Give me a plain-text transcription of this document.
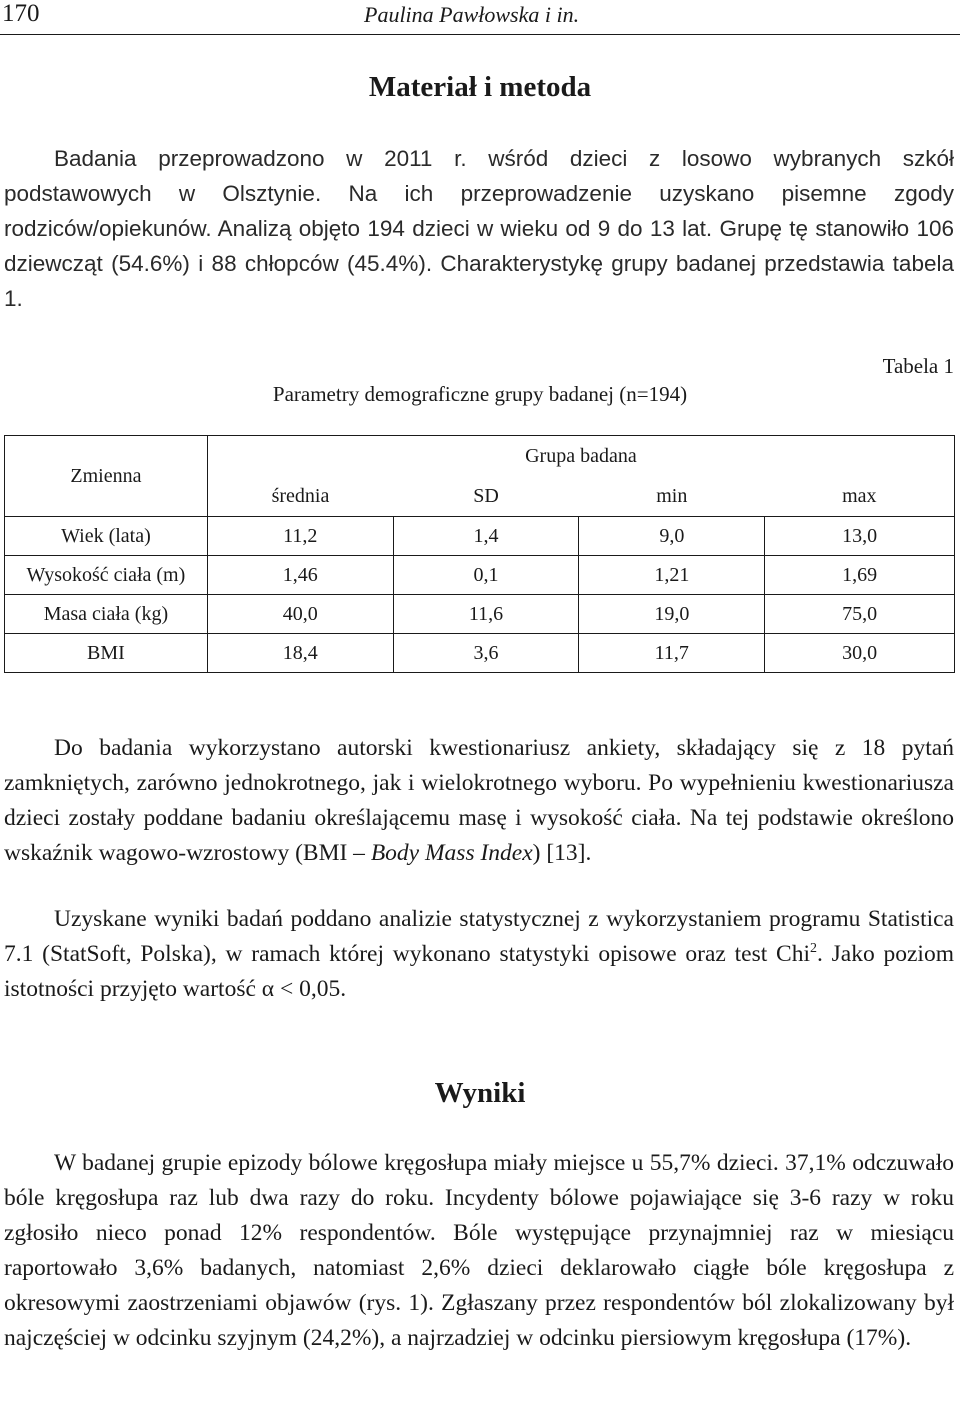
170	Paulina Pawłowska i in.
Materiał i metoda

Badania przeprowadzono w 2011 r. wśród dzieci z losowo wybranych szkół podstawowych w Olsztynie. Na ich przeprowadzenie uzyskano pisemne zgody rodziców/opiekunów. Analizą objęto 194 dzieci w wieku od 9 do 13 lat. Grupę tę stanowiło 106 dziewcząt (54.6%) i 88 chłopców (45.4%). Charakterystykę grupy badanej przedstawia tabela 1.

Tabela 1
Parametry demograficzne grupy badanej (n=194)
Zmienna	Grupa badana			
	średnia	SD	min	max
Wiek (lata)	11,2	1,4	9,0	13,0
Wysokość ciała (m)	1,46	0,1	1,21	1,69
Masa ciała (kg)	40,0	11,6	19,0	75,0
BMI	18,4	3,6	11,7	30,0

Do badania wykorzystano autorski kwestionariusz ankiety, składający się z 18 pytań zamkniętych, zarówno jednokrotnego, jak i wielokrotnego wyboru. Po wypełnieniu kwestionariusza dzieci zostały poddane badaniu określającemu masę i wysokość ciała. Na tej podstawie określono wskaźnik wagowo-wzrostowy (BMI – Body Mass Index) [13].

Uzyskane wyniki badań poddano analizie statystycznej z wykorzystaniem programu Statistica 7.1 (StatSoft, Polska), w ramach której wykonano statystyki opisowe oraz test Chi$^2$. Jako poziom istotności przyjęto wartość α < 0,05.

Wyniki

W badanej grupie epizody bólowe kręgosłupa miały miejsce u 55,7% dzieci. 37,1% odczuwało bóle kręgosłupa raz lub dwa razy do roku. Incydenty bólowe pojawiające się 3-6 razy w roku zgłosiło nieco ponad 12% respondentów. Bóle występujące przynajmniej raz w miesiącu raportowało 3,6% badanych, natomiast 2,6% dzieci deklarowało ciągłe bóle kręgosłupa z okresowymi zaostrzeniami objawów (rys. 1). Zgłaszany przez respondentów ból zlokalizowany był najczęściej w odcinku szyjnym (24,2%), a najrzadziej w odcinku piersiowym kręgosłupa (17%).
